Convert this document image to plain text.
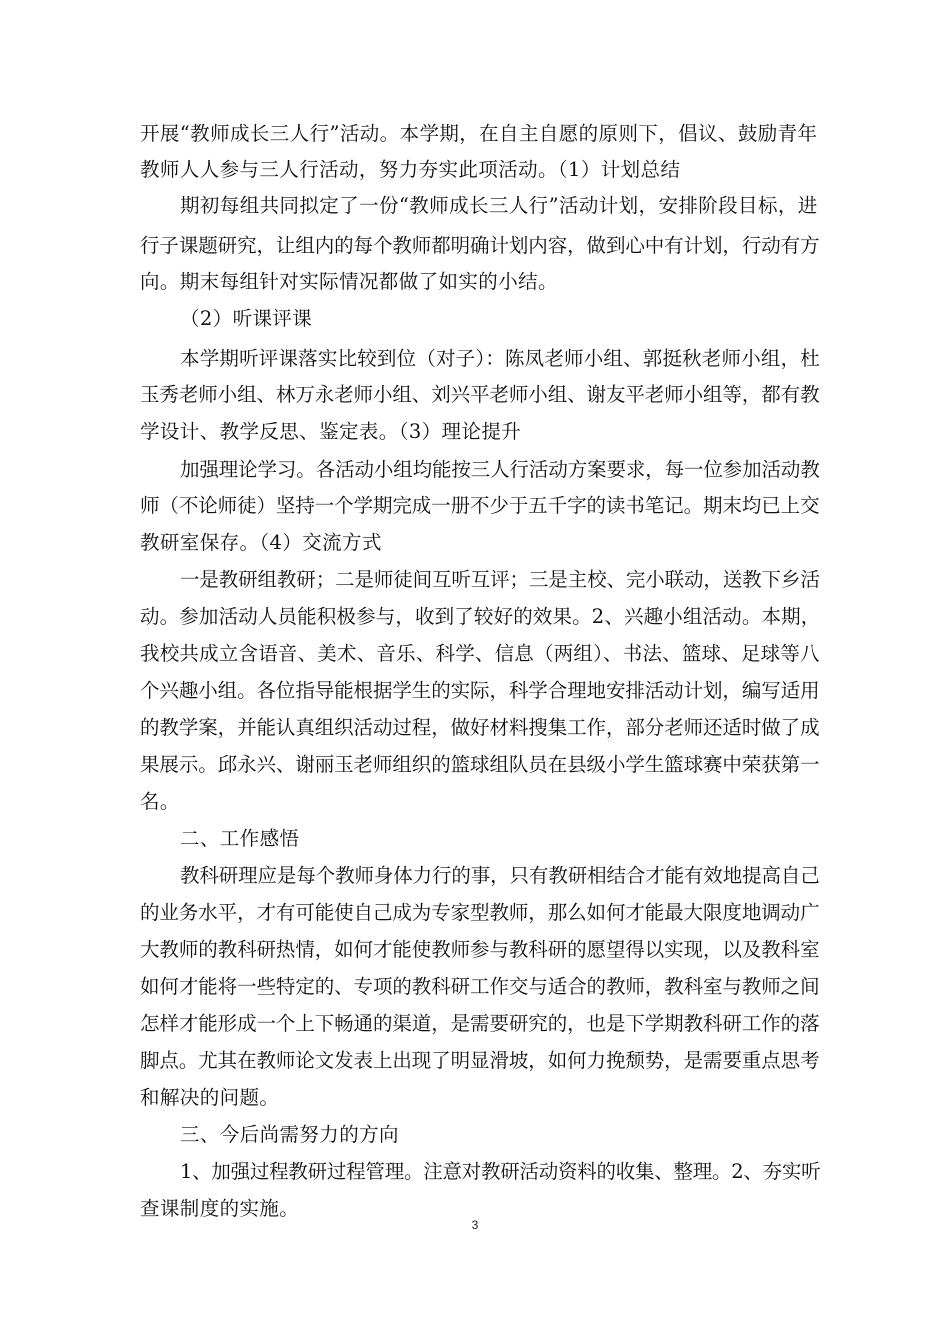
开展“教师成长三人行”活动。本学期，在自主自愿的原则下，倡议、鼓励青年
教师人人参与三人行活动，努力夯实此项活动。（1）计划总结
期初每组共同拟定了一份“教师成长三人行”活动计划，安排阶段目标，进
行子课题研究，让组内的每个教师都明确计划内容，做到心中有计划，行动有方
向。期末每组针对实际情况都做了如实的小结。
（2）听课评课
本学期听评课落实比较到位（对子）：陈凤老师小组、郭挺秋老师小组，杜
玉秀老师小组、林万永老师小组、刘兴平老师小组、谢友平老师小组等，都有教
学设计、教学反思、鉴定表。（3）理论提升
加强理论学习。各活动小组均能按三人行活动方案要求，每一位参加活动教
师（不论师徒）坚持一个学期完成一册不少于五千字的读书笔记。期末均已上交
教研室保存。（4）交流方式
一是教研组教研；二是师徒间互听互评；三是主校、完小联动，送教下乡活
动。参加活动人员能积极参与，收到了较好的效果。2、兴趣小组活动。本期，
我校共成立含语音、美术、音乐、科学、信息（两组）、书法、篮球、足球等八
个兴趣小组。各位指导能根据学生的实际，科学合理地安排活动计划，编写适用
的教学案，并能认真组织活动过程，做好材料搜集工作，部分老师还适时做了成
果展示。邱永兴、谢丽玉老师组织的篮球组队员在县级小学生篮球赛中荣获第一
名。
二、工作感悟
教科研理应是每个教师身体力行的事，只有教研相结合才能有效地提高自己
的业务水平，才有可能使自己成为专家型教师，那么如何才能最大限度地调动广
大教师的教科研热情，如何才能使教师参与教科研的愿望得以实现，以及教科室
如何才能将一些特定的、专项的教科研工作交与适合的教师，教科室与教师之间
怎样才能形成一个上下畅通的渠道，是需要研究的，也是下学期教科研工作的落
脚点。尤其在教师论文发表上出现了明显滑坡，如何力挽颓势，是需要重点思考
和解决的问题。
三、今后尚需努力的方向
1、加强过程教研过程管理。注意对教研活动资料的收集、整理。2、夯实听
查课制度的实施。
3
